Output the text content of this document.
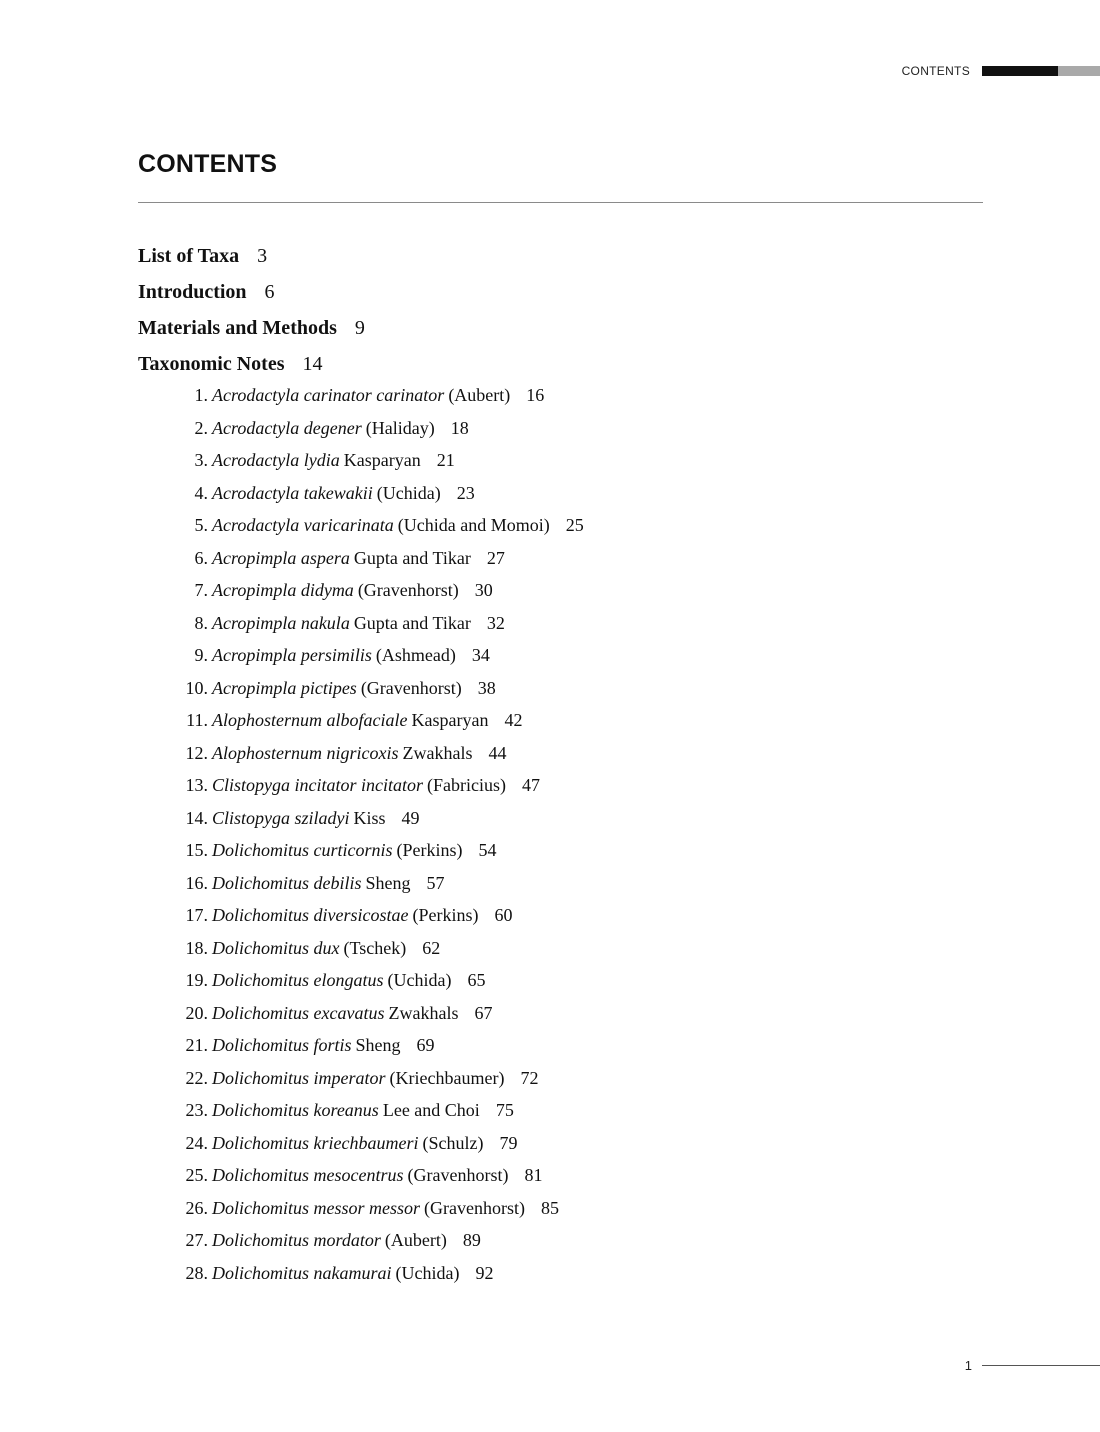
CONTENTS
CONTENTS
List of Taxa 3
Introduction 6
Materials and Methods 9
Taxonomic Notes 14
1. Acrodactyla carinator carinator (Aubert) 16
2. Acrodactyla degener (Haliday) 18
3. Acrodactyla lydia Kasparyan 21
4. Acrodactyla takewakii (Uchida) 23
5. Acrodactyla varicarinata (Uchida and Momoi) 25
6. Acropimpla aspera Gupta and Tikar 27
7. Acropimpla didyma (Gravenhorst) 30
8. Acropimpla nakula Gupta and Tikar 32
9. Acropimpla persimilis (Ashmead) 34
10. Acropimpla pictipes (Gravenhorst) 38
11. Alophosternum albofaciale Kasparyan 42
12. Alophosternum nigricoxis Zwakhals 44
13. Clistopyga incitator incitator (Fabricius) 47
14. Clistopyga sziladyi Kiss 49
15. Dolichomitus curticornis (Perkins) 54
16. Dolichomitus debilis Sheng 57
17. Dolichomitus diversicostae (Perkins) 60
18. Dolichomitus dux (Tschek) 62
19. Dolichomitus elongatus (Uchida) 65
20. Dolichomitus excavatus Zwakhals 67
21. Dolichomitus fortis Sheng 69
22. Dolichomitus imperator (Kriechbaumer) 72
23. Dolichomitus koreanus Lee and Choi 75
24. Dolichomitus kriechbaumeri (Schulz) 79
25. Dolichomitus mesocentrus (Gravenhorst) 81
26. Dolichomitus messor messor (Gravenhorst) 85
27. Dolichomitus mordator (Aubert) 89
28. Dolichomitus nakamurai (Uchida) 92
1
